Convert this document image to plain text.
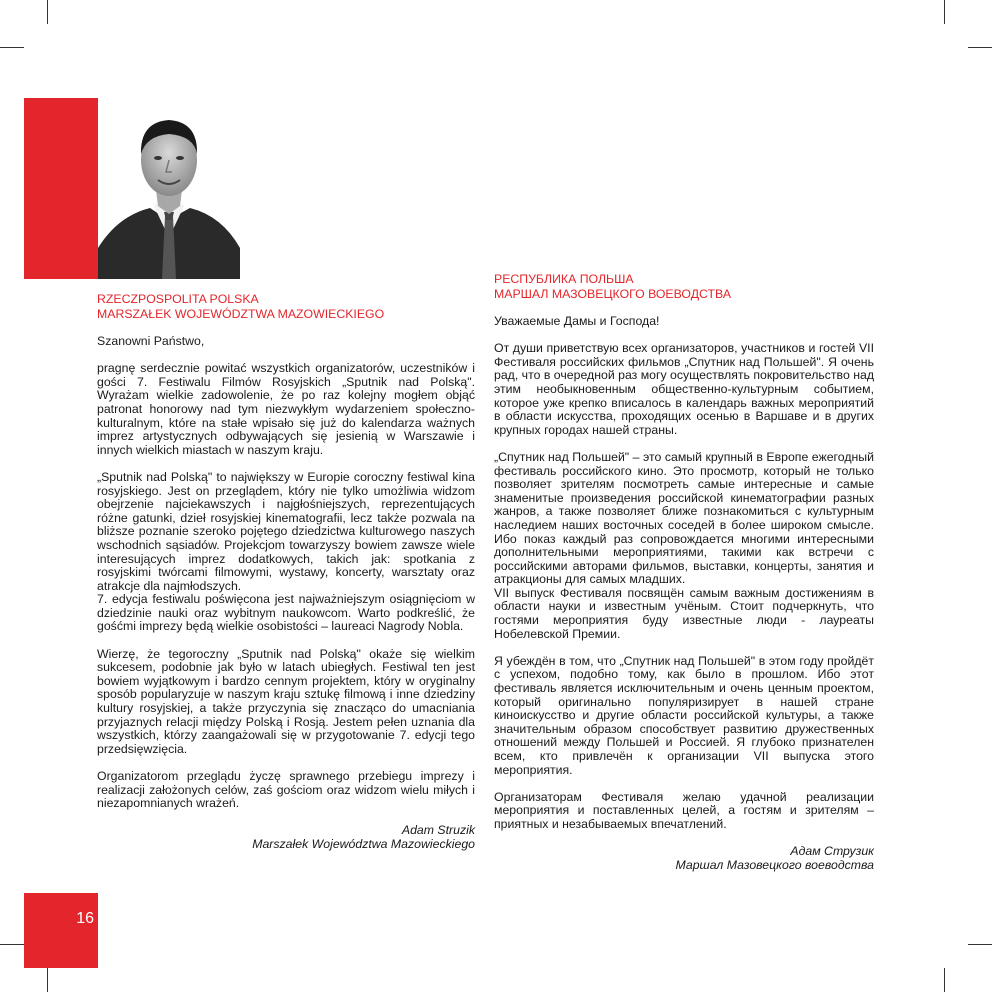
RZECZPOSPOLITA POLSKA
MARSZAŁEK WOJEWÓDZTWA MAZOWIECKIEGO

Szanowni Państwo,

pragnę serdecznie powitać wszystkich organizatorów, uczestników i gości 7. Festiwalu Filmów Rosyjskich „Sputnik nad Polską". Wyrażam wielkie zadowolenie, że po raz kolejny mogłem objąć patronat honorowy nad tym niezwykłym wydarzeniem społeczno-kulturalnym, które na stałe wpisało się już do kalendarza ważnych imprez artystycznych odbywających się jesienią w Warszawie i innych wielkich miastach w naszym kraju.

„Sputnik nad Polską" to największy w Europie coroczny festiwal kina rosyjskiego. Jest on przeglądem, który nie tylko umożliwia widzom obejrzenie najciekawszych i najgłośniejszych, reprezentujących różne gatunki, dzieł rosyjskiej kinematografii, lecz także pozwala na bliższe poznanie szeroko pojętego dziedzictwa kulturowego naszych wschodnich sąsiadów. Projekcjom towarzyszy bowiem zawsze wiele interesujących imprez dodatkowych, takich jak: spotkania z rosyjskimi twórcami filmowymi, wystawy, koncerty, warsztaty oraz atrakcje dla najmłodszych.

7. edycja festiwalu poświęcona jest najważniejszym osiągnięciom w dziedzinie nauki oraz wybitnym naukowcom. Warto podkreślić, że gośćmi imprezy będą wielkie osobistości – laureaci Nagrody Nobla.

Wierzę, że tegoroczny „Sputnik nad Polską" okaże się wielkim sukcesem, podobnie jak było w latach ubiegłych. Festiwal ten jest bowiem wyjątkowym i bardzo cennym projektem, który w oryginalny sposób popularyzuje w naszym kraju sztukę filmową i inne dziedziny kultury rosyjskiej, a także przyczynia się znacząco do umacniania przyjaznych relacji między Polską i Rosją. Jestem pełen uznania dla wszystkich, którzy zaangażowali się w przygotowanie 7. edycji tego przedsięwzięcia.

Organizatorom przeglądu życzę sprawnego przebiegu imprezy i realizacji założonych celów, zaś gościom oraz widzom wielu miłych i niezapomnianych wrażeń.

Adam Struzik
Marszałek Województwa Mazowieckiego
РЕСПУБЛИКА ПОЛЬША
МАРШАЛ МАЗОВЕЦКОГО ВОЕВОДСТВА

Уважаемые Дамы и Господа!

От души приветствую всех организаторов, участников и гостей VII Фестиваля российских фильмов „Спутник над Польшей". Я очень рад, что в очередной раз могу осуществлять покровительство над этим необыкновенным общественно-культурным событием, которое уже крепко вписалось в календарь важных мероприятий в области искусства, проходящих осенью в Варшаве и в других крупных городах нашей страны.

„Спутник над Польшей" – это самый крупный в Европе ежегодный фестиваль российского кино. Это просмотр, который не только позволяет зрителям посмотреть самые интересные и самые знаменитые произведения российской кинематографии разных жанров, а также позволяет ближе познакомиться с культурным наследием наших восточных соседей в более широком смысле. Ибо показ каждый раз сопровождается многими интересными дополнительными мероприятиями, такими как встречи с российскими авторами фильмов, выставки, концерты, занятия и атракционы для самых младших.

VII выпуск Фестиваля посвящён самым важным достижениям в области науки и известным учёным. Стоит подчеркнуть, что гостями мероприятия буду известные люди - лауреаты Нобелевской Премии.

Я убеждён в том, что „Спутник над Польшей" в этом году пройдёт с успехом, подобно тому, как было в прошлом. Ибо этот фестиваль является исключительным и очень ценным проектом, который оригинально популяризирует в нашей стране киноискусство и другие области российской культуры, а также значительным образом способствует развитию дружественных отношений между Польшей и Россией. Я глубоко признателен всем, кто привлечён к организации VII выпуска этого мероприятия.

Организаторам Фестиваля желаю удачной реализации мероприятия и поставленных целей, а гостям и зрителям – приятных и незабываемых впечатлений.

Адам Струзик
Маршал Мазовецкого воеводства
16
